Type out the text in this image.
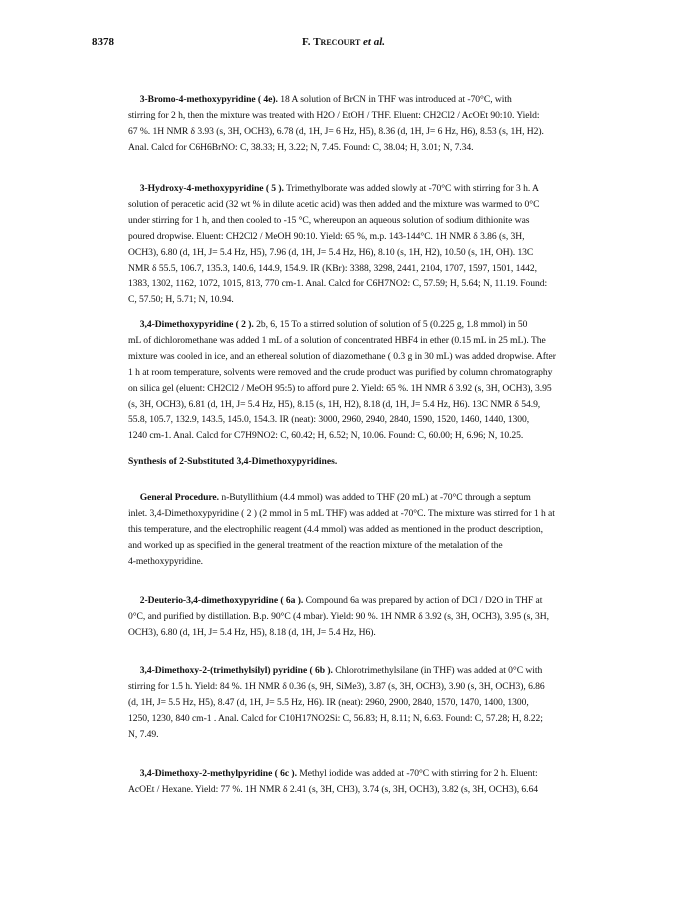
8378	F. Trecourt et al.
3-Bromo-4-methoxypyridine ( 4e). 18 A solution of BrCN in THF was introduced at -70°C, with
stirring for 2 h, then the mixture was treated with H2O / EtOH / THF. Eluent: CH2Cl2 / AcOEt 90:10. Yield:
67 %. 1H NMR δ 3.93 (s, 3H, OCH3), 6.78 (d, 1H, J= 6 Hz, H5), 8.36 (d, 1H, J= 6 Hz, H6), 8.53 (s, 1H, H2).
Anal. Calcd for C6H6BrNO: C, 38.33; H, 3.22; N, 7.45. Found: C, 38.04; H, 3.01; N, 7.34.
3-Hydroxy-4-methoxypyridine ( 5 ). Trimethylborate was added slowly at -70°C with stirring for 3 h. A
solution of peracetic acid (32 wt % in dilute acetic acid) was then added and the mixture was warmed to 0°C
under stirring for 1 h, and then cooled to -15 °C, whereupon an aqueous solution of sodium dithionite was
poured dropwise. Eluent: CH2Cl2 / MeOH 90:10. Yield: 65 %, m.p. 143-144°C. 1H NMR δ 3.86 (s, 3H,
OCH3), 6.80 (d, 1H, J= 5.4 Hz, H5), 7.96 (d, 1H, J= 5.4 Hz, H6), 8.10 (s, 1H, H2), 10.50 (s, 1H, OH). 13C
NMR δ 55.5, 106.7, 135.3, 140.6, 144.9, 154.9. IR (KBr): 3388, 3298, 2441, 2104, 1707, 1597, 1501, 1442,
1383, 1302, 1162, 1072, 1015, 813, 770 cm-1. Anal. Calcd for C6H7NO2: C, 57.59; H, 5.64; N, 11.19. Found:
C, 57.50; H, 5.71; N, 10.94.
3,4-Dimethoxypyridine ( 2 ). 2b, 6, 15 To a stirred solution of solution of 5 (0.225 g, 1.8 mmol) in 50
mL of dichloromethane was added 1 mL of a solution of concentrated HBF4 in ether (0.15 mL in 25 mL). The
mixture was cooled in ice, and an ethereal solution of diazomethane ( 0.3 g in 30 mL) was added dropwise. After
1 h at room temperature, solvents were removed and the crude product was purified by column chromatography
on silica gel (eluent: CH2Cl2 / MeOH 95:5) to afford pure 2. Yield: 65 %. 1H NMR δ 3.92 (s, 3H, OCH3), 3.95
(s, 3H, OCH3), 6.81 (d, 1H, J= 5.4 Hz, H5), 8.15 (s, 1H, H2), 8.18 (d, 1H, J= 5.4 Hz, H6). 13C NMR δ 54.9,
55.8, 105.7, 132.9, 143.5, 145.0, 154.3. IR (neat): 3000, 2960, 2940, 2840, 1590, 1520, 1460, 1440, 1300,
1240 cm-1. Anal. Calcd for C7H9NO2: C, 60.42; H, 6.52; N, 10.06. Found: C, 60.00; H, 6.96; N, 10.25.
Synthesis of 2-Substituted 3,4-Dimethoxypyridines.
General Procedure. n-Butyllithium (4.4 mmol) was added to THF (20 mL) at -70°C through a septum
inlet. 3,4-Dimethoxypyridine ( 2 ) (2 mmol in 5 mL THF) was added at -70°C. The mixture was stirred for 1 h at
this temperature, and the electrophilic reagent (4.4 mmol) was added as mentioned in the product description,
and worked up as specified in the general treatment of the reaction mixture of the metalation of the
4-methoxypyridine.
2-Deuterio-3,4-dimethoxypyridine ( 6a ). Compound 6a was prepared by action of DCl / D2O in THF at
0°C, and purified by distillation. B.p. 90°C (4 mbar). Yield: 90 %. 1H NMR δ 3.92 (s, 3H, OCH3), 3.95 (s, 3H,
OCH3), 6.80 (d, 1H, J= 5.4 Hz, H5), 8.18 (d, 1H, J= 5.4 Hz, H6).
3,4-Dimethoxy-2-(trimethylsilyl) pyridine ( 6b ). Chlorotrimethylsilane (in THF) was added at 0°C with
stirring for 1.5 h. Yield: 84 %. 1H NMR δ 0.36 (s, 9H, SiMe3), 3.87 (s, 3H, OCH3), 3.90 (s, 3H, OCH3), 6.86
(d, 1H, J= 5.5 Hz, H5), 8.47 (d, 1H, J= 5.5 Hz, H6). IR (neat): 2960, 2900, 2840, 1570, 1470, 1400, 1300,
1250, 1230, 840 cm-1 . Anal. Calcd for C10H17NO2Si: C, 56.83; H, 8.11; N, 6.63. Found: C, 57.28; H, 8.22;
N, 7.49.
3,4-Dimethoxy-2-methylpyridine ( 6c ). Methyl iodide was added at -70°C with stirring for 2 h. Eluent:
AcOEt / Hexane. Yield: 77 %. 1H NMR δ 2.41 (s, 3H, CH3), 3.74 (s, 3H, OCH3), 3.82 (s, 3H, OCH3), 6.64
